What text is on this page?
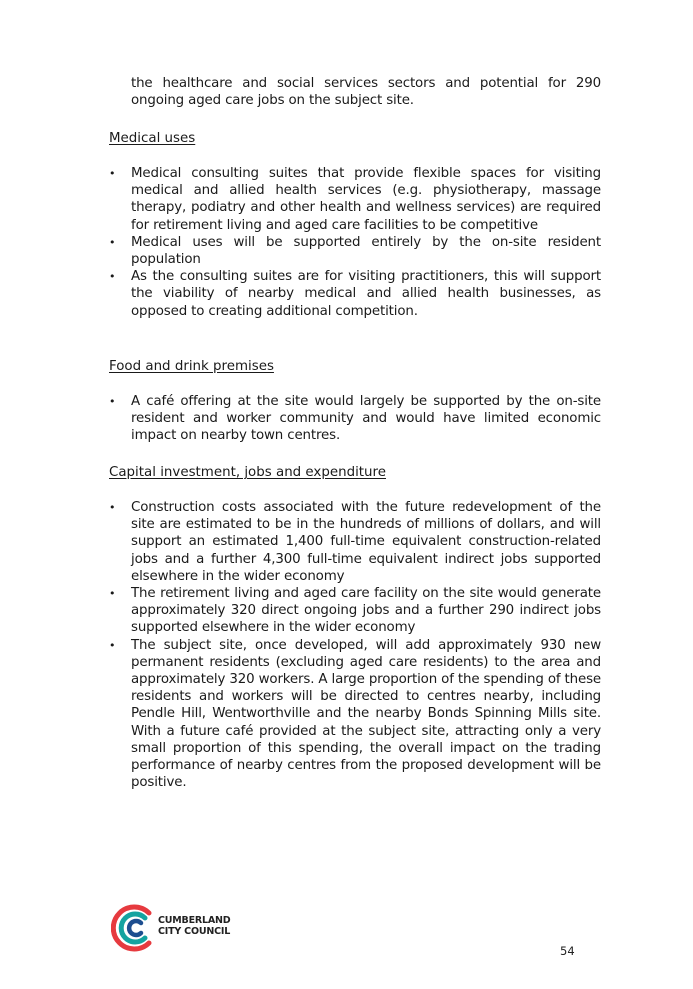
the healthcare and social services sectors and potential for 290 ongoing aged care jobs on the subject site.
Medical uses
• Medical consulting suites that provide flexible spaces for visiting medical and allied health services (e.g. physiotherapy, massage therapy, podiatry and other health and wellness services) are required for retirement living and aged care facilities to be competitive
• Medical uses will be supported entirely by the on-site resident population
• As the consulting suites are for visiting practitioners, this will support the viability of nearby medical and allied health businesses, as opposed to creating additional competition.
Food and drink premises
• A café offering at the site would largely be supported by the on-site resident and worker community and would have limited economic impact on nearby town centres.
Capital investment, jobs and expenditure
• Construction costs associated with the future redevelopment of the site are estimated to be in the hundreds of millions of dollars, and will support an estimated 1,400 full-time equivalent construction-related jobs and a further 4,300 full-time equivalent indirect jobs supported elsewhere in the wider economy
• The retirement living and aged care facility on the site would generate approximately 320 direct ongoing jobs and a further 290 indirect jobs supported elsewhere in the wider economy
• The subject site, once developed, will add approximately 930 new permanent residents (excluding aged care residents) to the area and approximately 320 workers. A large proportion of the spending of these residents and workers will be directed to centres nearby, including Pendle Hill, Wentworthville and the nearby Bonds Spinning Mills site. With a future café provided at the subject site, attracting only a very small proportion of this spending, the overall impact on the trading performance of nearby centres from the proposed development will be positive.
CUMBERLAND
CITY COUNCIL
54
